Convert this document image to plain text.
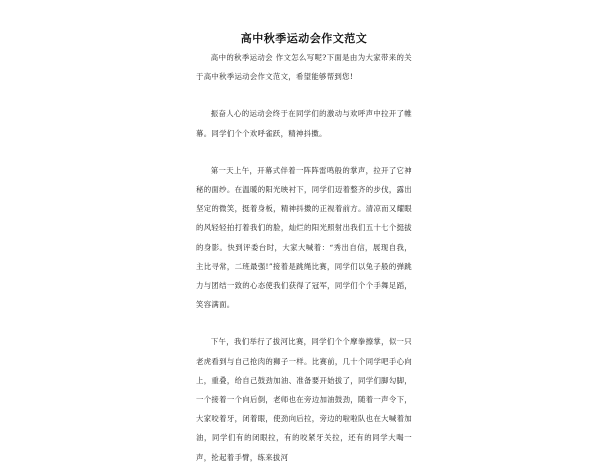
高中秋季运动会作文范文

高中的秋季运动会 作文怎么写呢?下面是由为大家带来的关于高中秋季运动会作文范文，希望能够帮到您!

振奋人心的运动会终于在同学们的激动与欢呼声中拉开了帷幕。同学们个个欢呼雀跃，精神抖擞。

第一天上午，开幕式伴着一阵阵雷鸣般的掌声，拉开了它神秘的面纱。在温暖的阳光映衬下，同学们迈着整齐的步伐，露出坚定的微笑，挺着身板，精神抖擞的正视着前方。清凉而又耀眼的风轻轻拍打着我们的脸，灿烂的阳光照射出我们五十七个挺拔的身影。快到评委台时，大家大喊着：“秀出自信，展现自我，主比寻常，二班最强!”接着是跳绳比赛，同学们以兔子般的弹跳力与团结一致的心态使我们获得了冠军，同学们个个手舞足蹈，笑容满面。

下午，我们举行了拔河比赛，同学们个个摩拳擦掌，似一只老虎看到与自己抢肉的狮子一样。比赛前，几十个同学吧手心向上，重叠，给自己鼓劲加油、准备要开始拔了，同学们脚勾脚，一个接着一个向后倒，老师也在旁边加油鼓劲，随着一声令下，大家咬着牙，闭着眼，使劲向后拉，旁边的啦啦队也在大喊着加油，同学们有的闭眼拉，有的咬紧牙关拉，还有的同学大喝一声，抡起着手臂，练来拔河
